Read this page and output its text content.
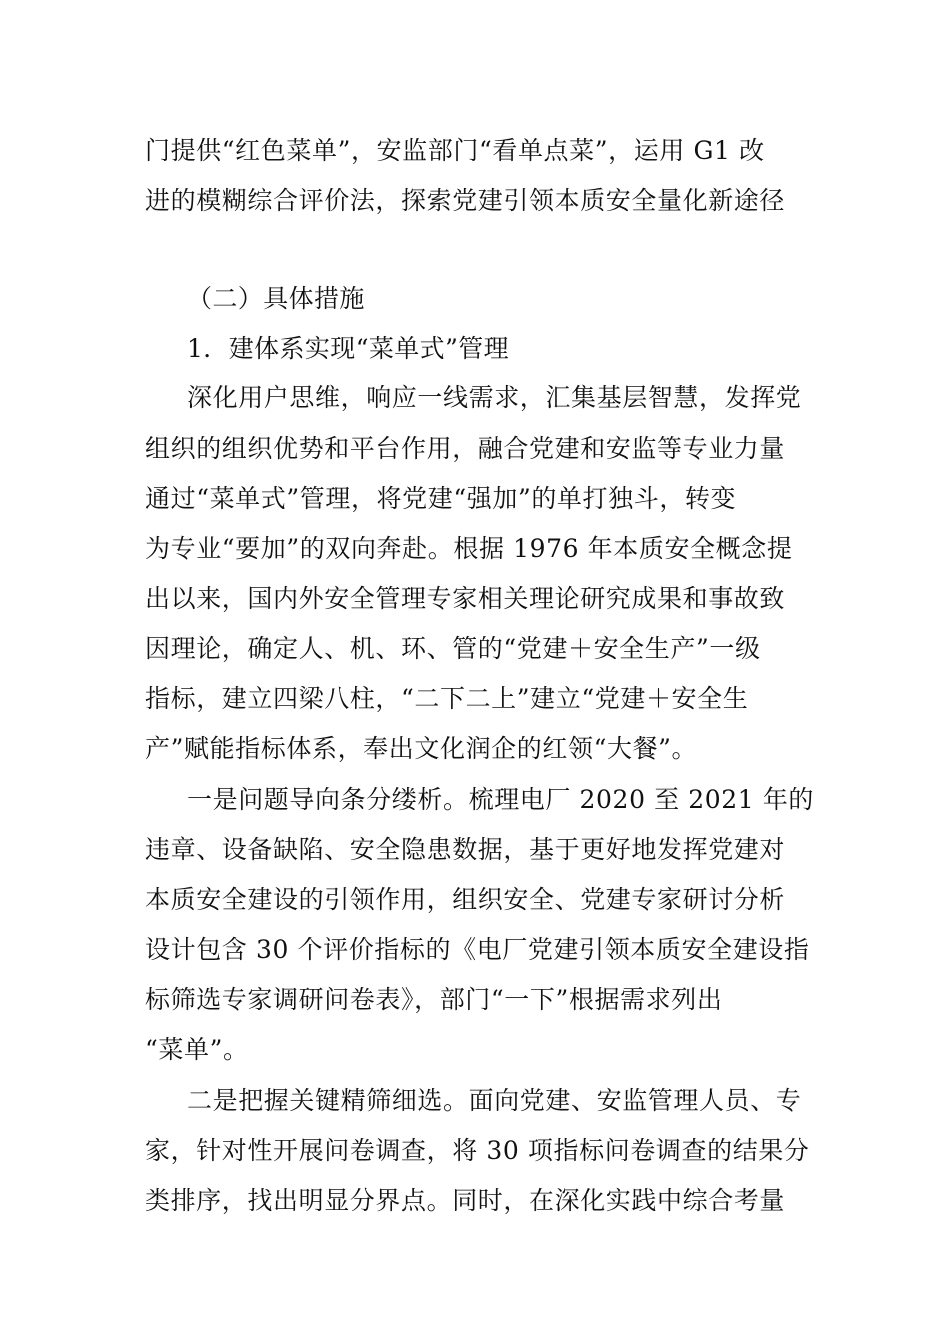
门提供“红色菜单”，安监部门“看单点菜”，运用 G1 改
进的模糊综合评价法，探索党建引领本质安全量化新途径
（二）具体措施
1．建体系实现“菜单式”管理
深化用户思维，响应一线需求，汇集基层智慧，发挥党
组织的组织优势和平台作用，融合党建和安监等专业力量
通过“菜单式”管理，将党建“强加”的单打独斗，转变
为专业“要加”的双向奔赴。根据 1976 年本质安全概念提
出以来，国内外安全管理专家相关理论研究成果和事故致
因理论，确定人、机、环、管的“党建＋安全生产”一级
指标，建立四梁八柱，“二下二上”建立“党建＋安全生
产”赋能指标体系，奉出文化润企的红领“大餐”。
一是问题导向条分缕析。梳理电厂 2020 至 2021 年的
违章、设备缺陷、安全隐患数据，基于更好地发挥党建对
本质安全建设的引领作用，组织安全、党建专家研讨分析
设计包含 30 个评价指标的《电厂党建引领本质安全建设指
标筛选专家调研问卷表》，部门“一下”根据需求列出
“菜单”。
二是把握关键精筛细选。面向党建、安监管理人员、专
家，针对性开展问卷调查，将 30 项指标问卷调查的结果分
类排序，找出明显分界点。同时，在深化实践中综合考量
